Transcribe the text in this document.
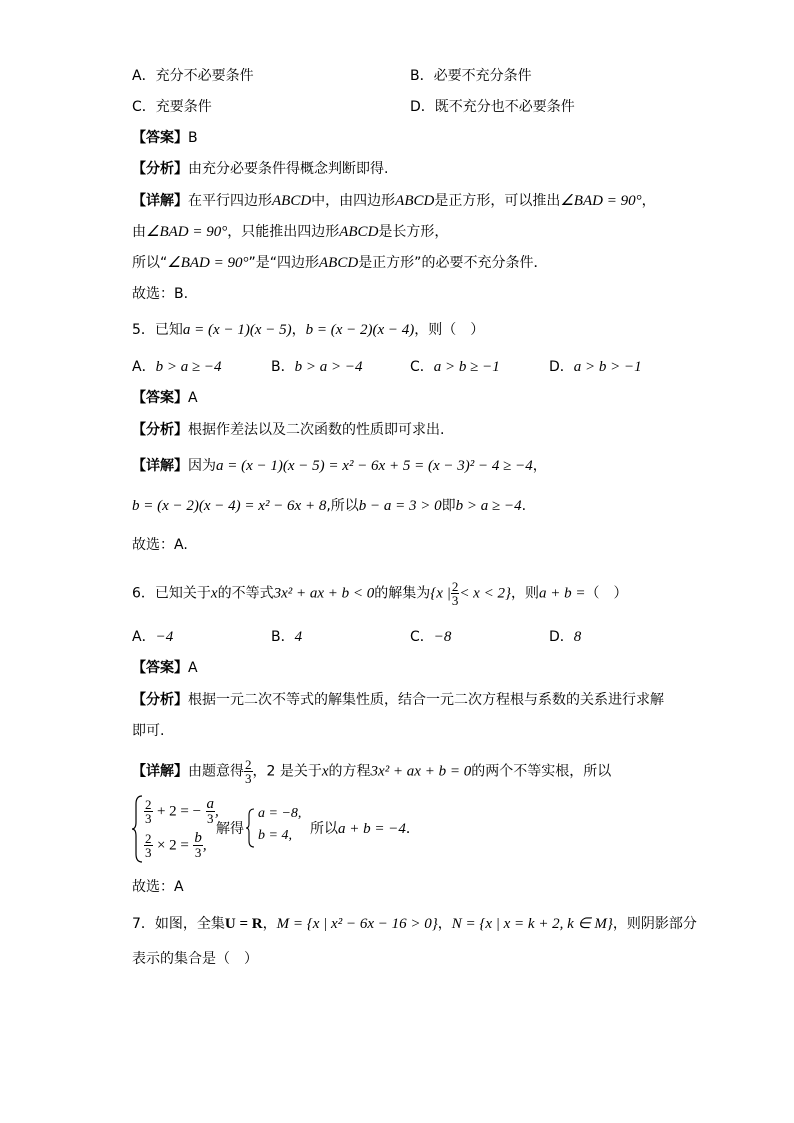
A．充分不必要条件	B．必要不充分条件
C．充要条件	D．既不充分也不必要条件
【答案】B
【分析】由充分必要条件得概念判断即得.
【详解】在平行四边形ABCD中，由四边形ABCD是正方形，可以推出∠BAD = 90°，
由∠BAD = 90°，只能推出四边形ABCD是长方形，
所以“∠BAD = 90°”是“四边形ABCD是正方形”的必要不充分条件．
故选：B.
5．已知a = (x − 1)(x − 5)，b = (x − 2)(x − 4)，则（　）
A．b > a ≥ −4	B．b > a > −4	C．a > b ≥ −1	D．a > b > −1
【答案】A
【分析】根据作差法以及二次函数的性质即可求出.
【详解】因为a = (x − 1)(x − 5) = x² − 6x + 5 = (x − 3)² − 4 ≥ −4，
b = (x − 2)(x − 4) = x² − 6x + 8,所以b − a = 3 > 0即b > a ≥ −4.
故选：A.
6．已知关于x的不等式3x² + ax + b < 0的解集为{x | $\frac{2}{3} < x < 2$}，则a + b =（　）
A．−4	B．4	C．−8	D．8
【答案】A
【分析】根据一元二次不等式的解集性质，结合一元二次方程根与系数的关系进行求解
即可.
【详解】由题意得 $\frac{2}{3}$ ，2 是关于x的方程3x² + ax + b = 0的两个不等实根，所以
$\frac{2}{3} + 2$ = − $\frac{a}{3}$ ,
$\frac{2}{3} \times 2 = \frac{b}{3}$ ,
解得
a = −8,
b = 4, 所以a + b = −4．
故选：A
7．如图，全集U = R，M = {x | x² − 6x − 16 > 0}，N = {x | x = k + 2, k ∈ M}，则阴影部分
表示的集合是（　）
